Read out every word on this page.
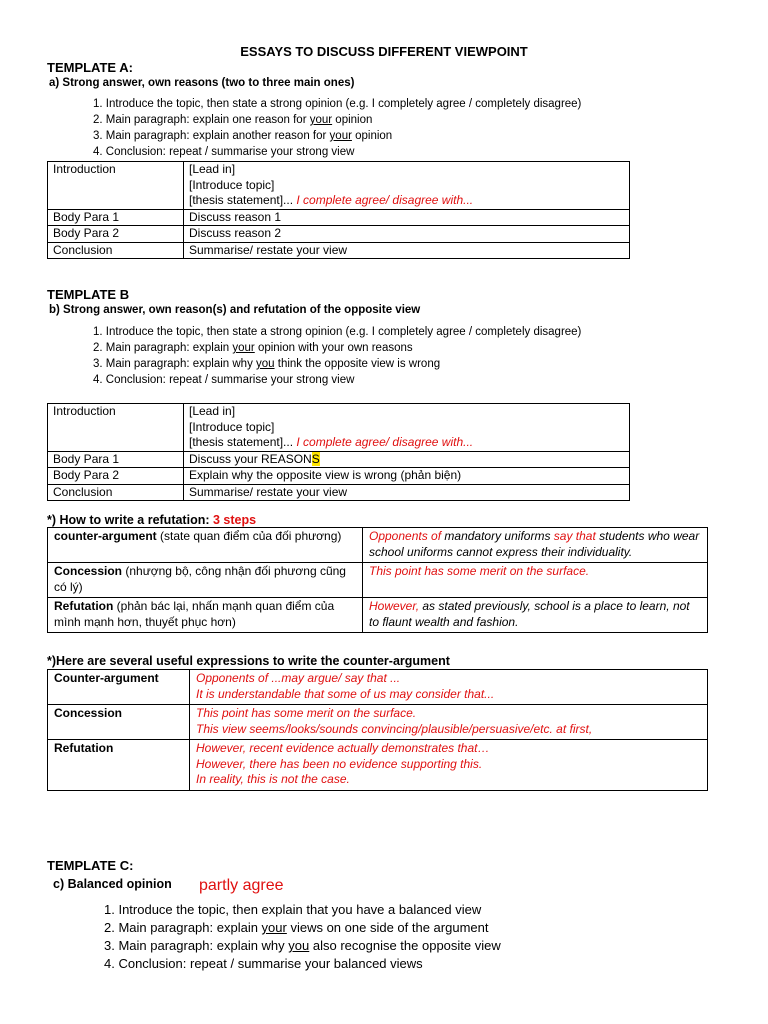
ESSAYS TO DISCUSS DIFFERENT VIEWPOINT
TEMPLATE A:
a) Strong answer, own reasons (two to three main ones)
1. Introduce the topic, then state a strong opinion (e.g. I completely agree / completely disagree)
2. Main paragraph: explain one reason for your opinion
3. Main paragraph: explain another reason for your opinion
4. Conclusion: repeat / summarise your strong view
Introduction	[Lead in]
[Introduce topic]
[thesis statement]... I complete agree/ disagree with...

Body Para 1	Discuss reason 1
Body Para 2	Discuss reason 2
Conclusion	Summarise/ restate your view
TEMPLATE B
b) Strong answer, own reason(s) and refutation of the opposite view
1. Introduce the topic, then state a strong opinion (e.g. I completely agree / completely disagree)
2. Main paragraph: explain your opinion with your own reasons
3. Main paragraph: explain why you think the opposite view is wrong
4. Conclusion: repeat / summarise your strong view
Introduction	[Lead in]
[Introduce topic]
[thesis statement]... I complete agree/ disagree with...

Body Para 1	Discuss your REASONS
Body Para 2	Explain why the opposite view is wrong (phản biện)
Conclusion	Summarise/ restate your view
*) How to write a refutation: 3 steps
counter-argument (state quan điểm của đối phương)	Opponents of mandatory uniforms say that students who wear school uniforms cannot express their individuality.
Concession (nhượng bộ, công nhận đối phương cũng có lý)	This point has some merit on the surface.
Refutation (phản bác lại, nhấn mạnh quan điểm của mình mạnh hơn, thuyết phục hơn)	However, as stated previously, school is a place to learn, not to flaunt wealth and fashion.
*)Here are several useful expressions to write the counter-argument
Counter-argument	Opponents of ...may argue/ say that ...
It is understandable that some of us may consider that...

Concession	This point has some merit on the surface.
This view seems/looks/sounds convincing/plausible/persuasive/etc. at first,

Refutation	However, recent evidence actually demonstrates that…
However, there has been no evidence supporting this.
In reality, this is not the case.
TEMPLATE C:
c) Balanced opinion partly agree
1. Introduce the topic, then explain that you have a balanced view
2. Main paragraph: explain your views on one side of the argument
3. Main paragraph: explain why you also recognise the opposite view
4. Conclusion: repeat / summarise your balanced views
